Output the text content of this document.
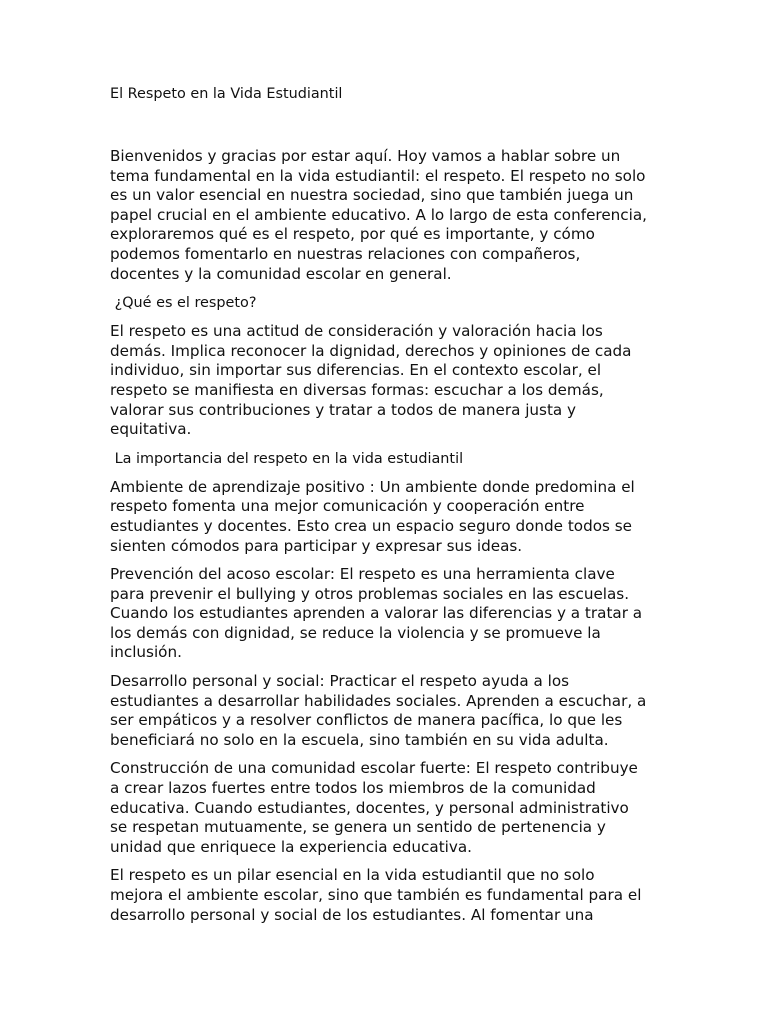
El Respeto en la Vida Estudiantil
Bienvenidos y gracias por estar aquí. Hoy vamos a hablar sobre un
tema fundamental en la vida estudiantil: el respeto. El respeto no solo
es un valor esencial en nuestra sociedad, sino que también juega un
papel crucial en el ambiente educativo. A lo largo de esta conferencia,
exploraremos qué es el respeto, por qué es importante, y cómo
podemos fomentarlo en nuestras relaciones con compañeros,
docentes y la comunidad escolar en general.
¿Qué es el respeto?
El respeto es una actitud de consideración y valoración hacia los
demás. Implica reconocer la dignidad, derechos y opiniones de cada
individuo, sin importar sus diferencias. En el contexto escolar, el
respeto se manifiesta en diversas formas: escuchar a los demás,
valorar sus contribuciones y tratar a todos de manera justa y
equitativa.
La importancia del respeto en la vida estudiantil
Ambiente de aprendizaje positivo : Un ambiente donde predomina el
respeto fomenta una mejor comunicación y cooperación entre
estudiantes y docentes. Esto crea un espacio seguro donde todos se
sienten cómodos para participar y expresar sus ideas.
Prevención del acoso escolar: El respeto es una herramienta clave
para prevenir el bullying y otros problemas sociales en las escuelas.
Cuando los estudiantes aprenden a valorar las diferencias y a tratar a
los demás con dignidad, se reduce la violencia y se promueve la
inclusión.
Desarrollo personal y social: Practicar el respeto ayuda a los
estudiantes a desarrollar habilidades sociales. Aprenden a escuchar, a
ser empáticos y a resolver conflictos de manera pacífica, lo que les
beneficiará no solo en la escuela, sino también en su vida adulta.
Construcción de una comunidad escolar fuerte: El respeto contribuye
a crear lazos fuertes entre todos los miembros de la comunidad
educativa. Cuando estudiantes, docentes, y personal administrativo
se respetan mutuamente, se genera un sentido de pertenencia y
unidad que enriquece la experiencia educativa.
El respeto es un pilar esencial en la vida estudiantil que no solo
mejora el ambiente escolar, sino que también es fundamental para el
desarrollo personal y social de los estudiantes. Al fomentar una
